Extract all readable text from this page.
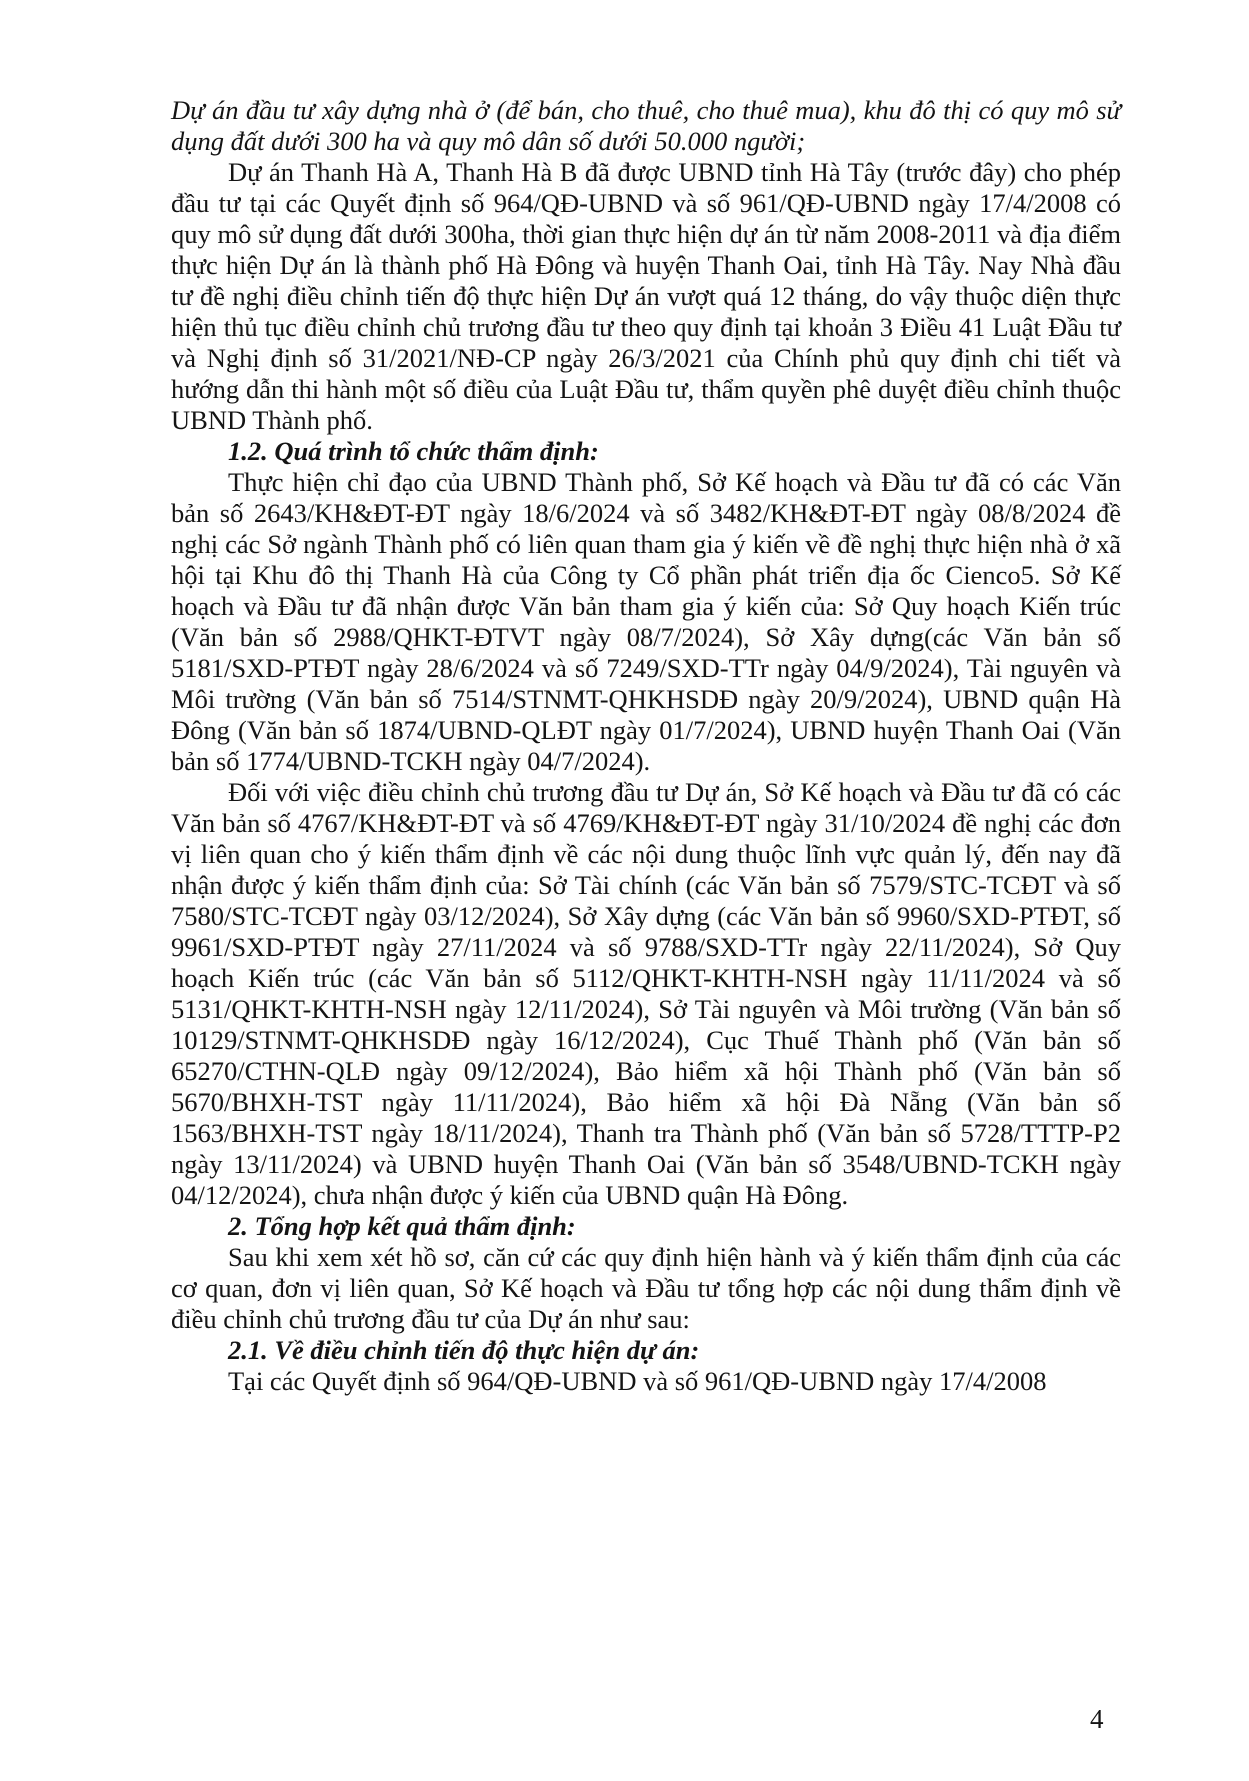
Dự án đầu tư xây dựng nhà ở (để bán, cho thuê, cho thuê mua), khu đô thị có quy mô sử dụng đất dưới 300 ha và quy mô dân số dưới 50.000 người;

Dự án Thanh Hà A, Thanh Hà B đã được UBND tỉnh Hà Tây (trước đây) cho phép đầu tư tại các Quyết định số 964/QĐ-UBND và số 961/QĐ-UBND ngày 17/4/2008 có quy mô sử dụng đất dưới 300ha, thời gian thực hiện dự án từ năm 2008-2011 và địa điểm thực hiện Dự án là thành phố Hà Đông và huyện Thanh Oai, tỉnh Hà Tây. Nay Nhà đầu tư đề nghị điều chỉnh tiến độ thực hiện Dự án vượt quá 12 tháng, do vậy thuộc diện thực hiện thủ tục điều chỉnh chủ trương đầu tư theo quy định tại khoản 3 Điều 41 Luật Đầu tư và Nghị định số 31/2021/NĐ-CP ngày 26/3/2021 của Chính phủ quy định chi tiết và hướng dẫn thi hành một số điều của Luật Đầu tư, thẩm quyền phê duyệt điều chỉnh thuộc UBND Thành phố.

1.2. Quá trình tổ chức thẩm định:

Thực hiện chỉ đạo của UBND Thành phố, Sở Kế hoạch và Đầu tư đã có các Văn bản số 2643/KH&ĐT-ĐT ngày 18/6/2024 và số 3482/KH&ĐT-ĐT ngày 08/8/2024 đề nghị các Sở ngành Thành phố có liên quan tham gia ý kiến về đề nghị thực hiện nhà ở xã hội tại Khu đô thị Thanh Hà của Công ty Cổ phần phát triển địa ốc Cienco5. Sở Kế hoạch và Đầu tư đã nhận được Văn bản tham gia ý kiến của: Sở Quy hoạch Kiến trúc (Văn bản số 2988/QHKT-ĐTVT ngày 08/7/2024), Sở Xây dựng(các Văn bản số 5181/SXD-PTĐT ngày 28/6/2024 và số 7249/SXD-TTr ngày 04/9/2024), Tài nguyên và Môi trường (Văn bản số 7514/STNMT-QHKHSDĐ ngày 20/9/2024), UBND quận Hà Đông (Văn bản số 1874/UBND-QLĐT ngày 01/7/2024), UBND huyện Thanh Oai (Văn bản số 1774/UBND-TCKH ngày 04/7/2024).

Đối với việc điều chỉnh chủ trương đầu tư Dự án, Sở Kế hoạch và Đầu tư đã có các Văn bản số 4767/KH&ĐT-ĐT và số 4769/KH&ĐT-ĐT ngày 31/10/2024 đề nghị các đơn vị liên quan cho ý kiến thẩm định về các nội dung thuộc lĩnh vực quản lý, đến nay đã nhận được ý kiến thẩm định của: Sở Tài chính (các Văn bản số 7579/STC-TCĐT và số 7580/STC-TCĐT ngày 03/12/2024), Sở Xây dựng (các Văn bản số 9960/SXD-PTĐT, số 9961/SXD-PTĐT ngày 27/11/2024 và số 9788/SXD-TTr ngày 22/11/2024), Sở Quy hoạch Kiến trúc (các Văn bản số 5112/QHKT-KHTH-NSH ngày 11/11/2024 và số 5131/QHKT-KHTH-NSH ngày 12/11/2024), Sở Tài nguyên và Môi trường (Văn bản số 10129/STNMT-QHKHSDĐ ngày 16/12/2024), Cục Thuế Thành phố (Văn bản số 65270/CTHN-QLĐ ngày 09/12/2024), Bảo hiểm xã hội Thành phố (Văn bản số 5670/BHXH-TST ngày 11/11/2024), Bảo hiểm xã hội Đà Nẵng (Văn bản số 1563/BHXH-TST ngày 18/11/2024), Thanh tra Thành phố (Văn bản số 5728/TTTP-P2 ngày 13/11/2024) và UBND huyện Thanh Oai (Văn bản số 3548/UBND-TCKH ngày 04/12/2024), chưa nhận được ý kiến của UBND quận Hà Đông.

2. Tổng hợp kết quả thẩm định:

Sau khi xem xét hồ sơ, căn cứ các quy định hiện hành và ý kiến thẩm định của các cơ quan, đơn vị liên quan, Sở Kế hoạch và Đầu tư tổng hợp các nội dung thẩm định về điều chỉnh chủ trương đầu tư của Dự án như sau:

2.1. Về điều chỉnh tiến độ thực hiện dự án:

Tại các Quyết định số 964/QĐ-UBND và số 961/QĐ-UBND ngày 17/4/2008

4
